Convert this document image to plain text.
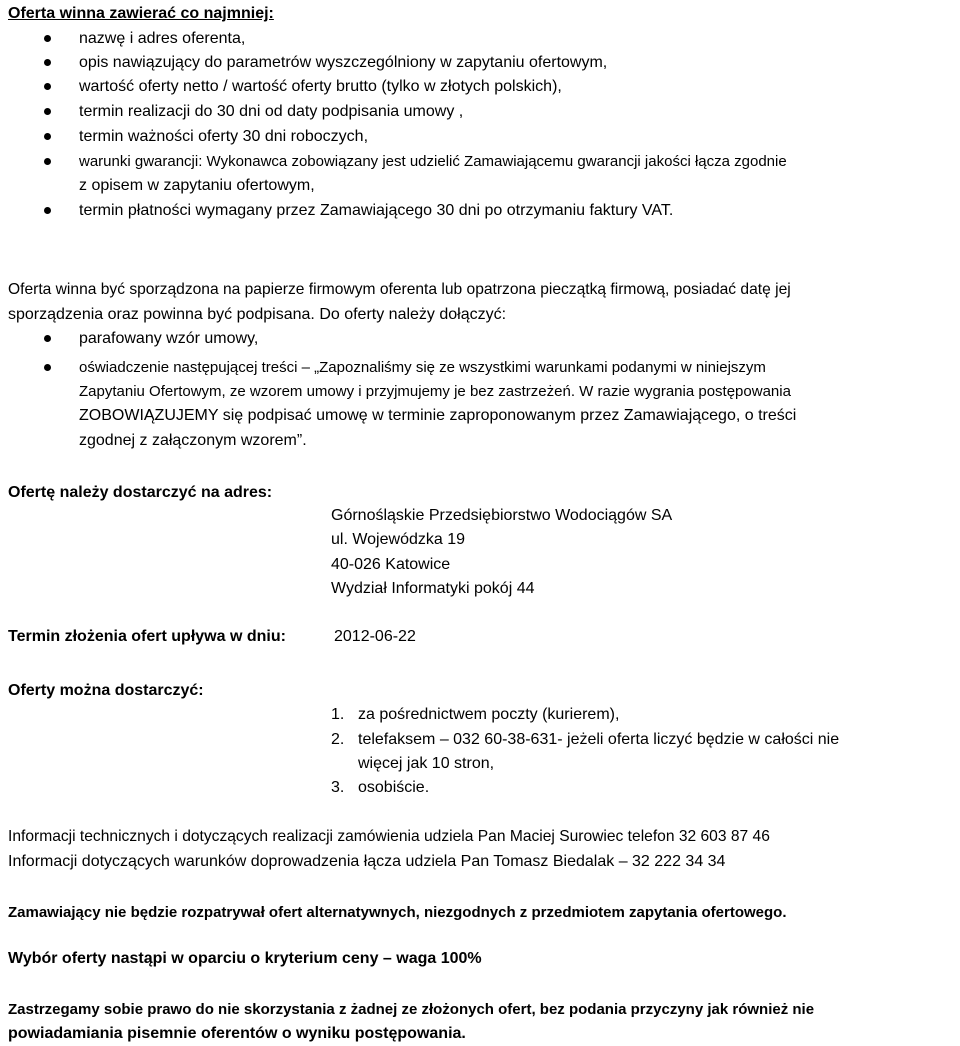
Oferta winna zawierać co najmniej:
nazwę i adres oferenta,
opis nawiązujący do parametrów wyszczególniony w zapytaniu ofertowym,
wartość oferty netto / wartość oferty brutto (tylko w złotych polskich),
termin realizacji do 30 dni od daty podpisania umowy ,
termin ważności oferty 30 dni roboczych,
warunki gwarancji: Wykonawca zobowiązany jest udzielić Zamawiającemu gwarancji jakości łącza zgodnie
z opisem w zapytaniu ofertowym,
termin płatności wymagany przez Zamawiającego 30 dni po otrzymaniu faktury VAT.
Oferta winna być sporządzona na papierze firmowym oferenta lub opatrzona pieczątką firmową, posiadać datę jej
sporządzenia oraz powinna być podpisana. Do oferty należy dołączyć:
parafowany wzór umowy,
oświadczenie następującej treści – „Zapoznaliśmy się ze wszystkimi warunkami podanymi w niniejszym
Zapytaniu Ofertowym, ze wzorem umowy i przyjmujemy je bez zastrzeżeń. W razie wygrania postępowania
ZOBOWIĄZUJEMY się podpisać umowę w terminie zaproponowanym przez Zamawiającego, o treści
zgodnej z załączonym wzorem”.
Ofertę należy dostarczyć na adres:
Górnośląskie Przedsiębiorstwo Wodociągów SA
ul. Wojewódzka 19
40-026 Katowice
Wydział Informatyki pokój 44
Termin złożenia ofert upływa w dniu:	2012-06-22
Oferty można dostarczyć:
1. za pośrednictwem poczty (kurierem),
2. telefaksem – 032 60-38-631- jeżeli oferta liczyć będzie w całości nie
więcej jak 10 stron,
3. osobiście.
Informacji technicznych i dotyczących realizacji zamówienia udziela Pan Maciej Surowiec telefon 32 603 87 46
Informacji dotyczących warunków doprowadzenia łącza udziela Pan Tomasz Biedalak – 32 222 34 34
Zamawiający nie będzie rozpatrywał ofert alternatywnych, niezgodnych z przedmiotem zapytania ofertowego.
Wybór oferty nastąpi w oparciu o kryterium ceny – waga 100%
Zastrzegamy sobie prawo do nie skorzystania z żadnej ze złożonych ofert, bez podania przyczyny jak również nie
powiadamiania pisemnie oferentów o wyniku postępowania.
